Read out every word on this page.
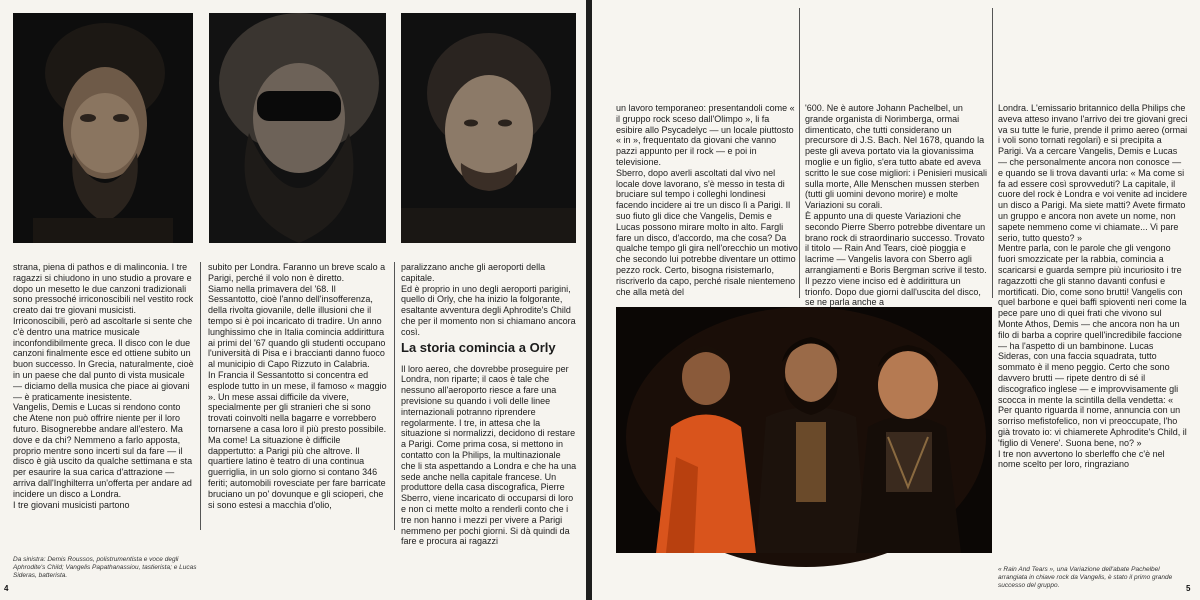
strana, piena di pathos e di malinconia. I tre ragazzi si chiudono in uno studio a provare e dopo un mesetto le due canzoni tradizionali sono pressoché irriconoscibili nel vestito rock creato dai tre giovani musicisti.

Irriconoscibili, però ad ascoltarle si sente che c'è dentro una matrice musicale inconfondibilmente greca. Il disco con le due canzoni finalmente esce ed ottiene subito un buon successo. In Grecia, naturalmente, cioè in un paese che dal punto di vista musicale — diciamo della musica che piace ai giovani — è praticamente inesistente.

Vangelis, Demis e Lucas si rendono conto che Atene non può offrire niente per il loro futuro. Bisognerebbe andare all'estero. Ma dove e da chi? Nemmeno a farlo apposta, proprio mentre sono incerti sul da fare — il disco è già uscito da qualche settimana e sta per esaurire la sua carica d'attrazione — arriva dall'Inghilterra un'offerta per andare ad incidere un disco a Londra.

I tre giovani musicisti partono

subito per Londra. Faranno un breve scalo a Parigi, perché il volo non è diretto.

Siamo nella primavera del '68. Il Sessantotto, cioè l'anno dell'insofferenza, della rivolta giovanile, delle illusioni che il tempo si è poi incaricato di tradire. Un anno lunghissimo che in Italia comincia addirittura ai primi del '67 quando gli studenti occupano l'università di Pisa e i braccianti danno fuoco al municipio di Capo Rizzuto in Calabria.

In Francia il Sessantotto si concentra ed esplode tutto in un mese, il famoso « maggio ». Un mese assai difficile da vivere, specialmente per gli stranieri che si sono trovati coinvolti nella bagarre e vorrebbero tornarsene a casa loro il più presto possibile.

Ma come! La situazione è difficile dappertutto: a Parigi più che altrove. Il quartiere latino è teatro di una continua guerriglia, in un solo giorno si contano 346 feriti; automobili rovesciate per fare barricate bruciano un po' dovunque e gli scioperi, che si sono estesi a macchia d'olio,

paralizzano anche gli aeroporti della capitale.

Ed è proprio in uno degli aeroporti parigini, quello di Orly, che ha inizio la folgorante, esaltante avventura degli Aphrodite's Child che per il momento non si chiamano ancora così.

La storia comincia a Orly

Il loro aereo, che dovrebbe proseguire per Londra, non riparte; il caos è tale che nessuno all'aeroporto riesce a fare una previsione su quando i voli delle linee internazionali potranno riprendere regolarmente. I tre, in attesa che la situazione si normalizzi, decidono di restare a Parigi. Come prima cosa, si mettono in contatto con la Philips, la multinazionale che li sta aspettando a Londra e che ha una sede anche nella capitale francese. Un produttore della casa discografica, Pierre Sberro, viene incaricato di occuparsi di loro e non ci mette molto a renderli conto che i tre non hanno i mezzi per vivere a Parigi nemmeno per pochi giorni. Si dà quindi da fare e procura ai ragazzi

Da sinistra: Demis Roussos, polistrumentista e voce degli Aphrodite's Child; Vangelis Papathanassiou, tastierista; e Lucas Sideras, batterista.
4

un lavoro temporaneo: presentandoli come « il gruppo rock sceso dall'Olimpo », li fa esibire allo Psycadelyc — un locale piuttosto « in », frequentato da giovani che vanno pazzi appunto per il rock — e poi in televisione.

Sberro, dopo averli ascoltati dal vivo nel locale dove lavorano, s'è messo in testa di bruciare sul tempo i colleghi londinesi facendo incidere ai tre un disco lì a Parigi. Il suo fiuto gli dice che Vangelis, Demis e Lucas possono mirare molto in alto. Fargli fare un disco, d'accordo, ma che cosa? Da qualche tempo gli gira nell'orecchio un motivo che secondo lui potrebbe diventare un ottimo pezzo rock. Certo, bisogna risistemarlo, riscriverlo da capo, perché risale nientemeno che alla metà del

'600. Ne è autore Johann Pachelbel, un grande organista di Norimberga, ormai dimenticato, che tutti considerano un precursore di J.S. Bach. Nel 1678, quando la peste gli aveva portato via la giovanissima moglie e un figlio, s'era tutto abate ed aveva scritto le sue cose migliori: i Penisieri musicali sulla morte, Alle Menschen mussen sterben (tutti gli uomini devono morire) e molte Variazioni su corali.

È appunto una di queste Variazioni che secondo Pierre Sberro potrebbe diventare un brano rock di straordinario successo. Trovato il titolo — Rain And Tears, cioè pioggia e lacrime — Vangelis lavora con Sberro agli arrangiamenti e Boris Bergman scrive il testo. Il pezzo viene inciso ed è addirittura un trionfo. Dopo due giorni dall'uscita del disco, se ne parla anche a

Londra. L'emissario britannico della Philips che aveva atteso invano l'arrivo dei tre giovani greci va su tutte le furie, prende il primo aereo (ormai i voli sono tornati regolari) e si precipita a Parigi. Va a cercare Vangelis, Demis e Lucas — che personalmente ancora non conosce — e quando se li trova davanti urla: « Ma come si fa ad essere così sprovveduti? La capitale, il cuore del rock è Londra e voi venite ad incidere un disco a Parigi. Ma siete matti? Avete firmato un gruppo e ancora non avete un nome, non sapete nemmeno come vi chiamate... Vi pare serio, tutto questo? »

Mentre parla, con le parole che gli vengono fuori smozzicate per la rabbia, comincia a scaricarsi e guarda sempre più incuriosito i tre ragazzotti che gli stanno davanti confusi e mortificati. Dio, come sono brutti! Vangelis con quel barbone e quei baffi spioventi neri come la pece pare uno di quei frati che vivono sul Monte Athos, Demis — che ancora non ha un filo di barba a coprire quell'incredibile faccione — ha l'aspetto di un bambinone. Lucas Sideras, con una faccia squadrata, tutto sommato è il meno peggio. Certo che sono davvero brutti — ripete dentro di sé il discografico inglese — e improvvisamente gli scocca in mente la scintilla della vendetta: « Per quanto riguarda il nome, annuncia con un sorriso mefistofelico, non vi preoccupate, l'ho già trovato io: vi chiamerete Aphrodite's Child, il 'figlio di Venere'. Suona bene, no? »

I tre non avvertono lo sberleffo che c'è nel nome scelto per loro, ringraziano

« Rain And Tears », una Variazione dell'abate Pachelbel arrangiata in chiave rock da Vangelis, è stato il primo grande successo del gruppo.	5
